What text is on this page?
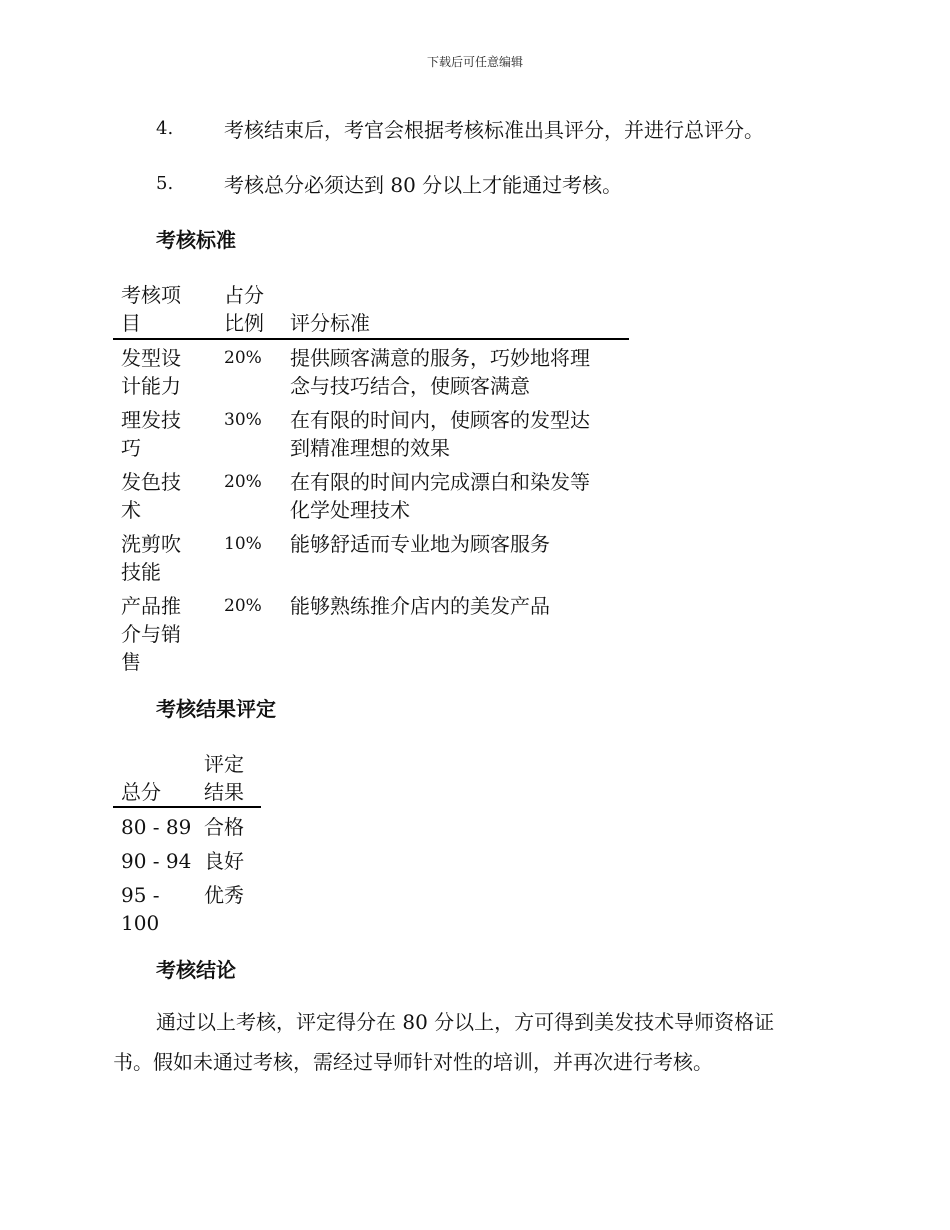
下载后可任意编辑
4.	考核结束后，考官会根据考核标准出具评分，并进行总评分。
5.	考核总分必须达到 80 分以上才能通过考核。
考核标准
考核项
目
占分
比例 评分标准
发型设
计能力
20% 提供顾客满意的服务，巧妙地将理
念与技巧结合，使顾客满意
理发技
巧
30% 在有限的时间内，使顾客的发型达
到精准理想的效果
发色技
术
20% 在有限的时间内完成漂白和染发等
化学处理技术
洗剪吹
技能
10% 能够舒适而专业地为顾客服务
产品推
介与销
售
20% 能够熟练推介店内的美发产品
考核结果评定
总分
评定
结果
80 - 89 合格
90 - 94 良好
95 -
100
优秀
考核结论
通过以上考核，评定得分在 80 分以上，方可得到美发技术导师资格证
书。假如未通过考核，需经过导师针对性的培训，并再次进行考核。
